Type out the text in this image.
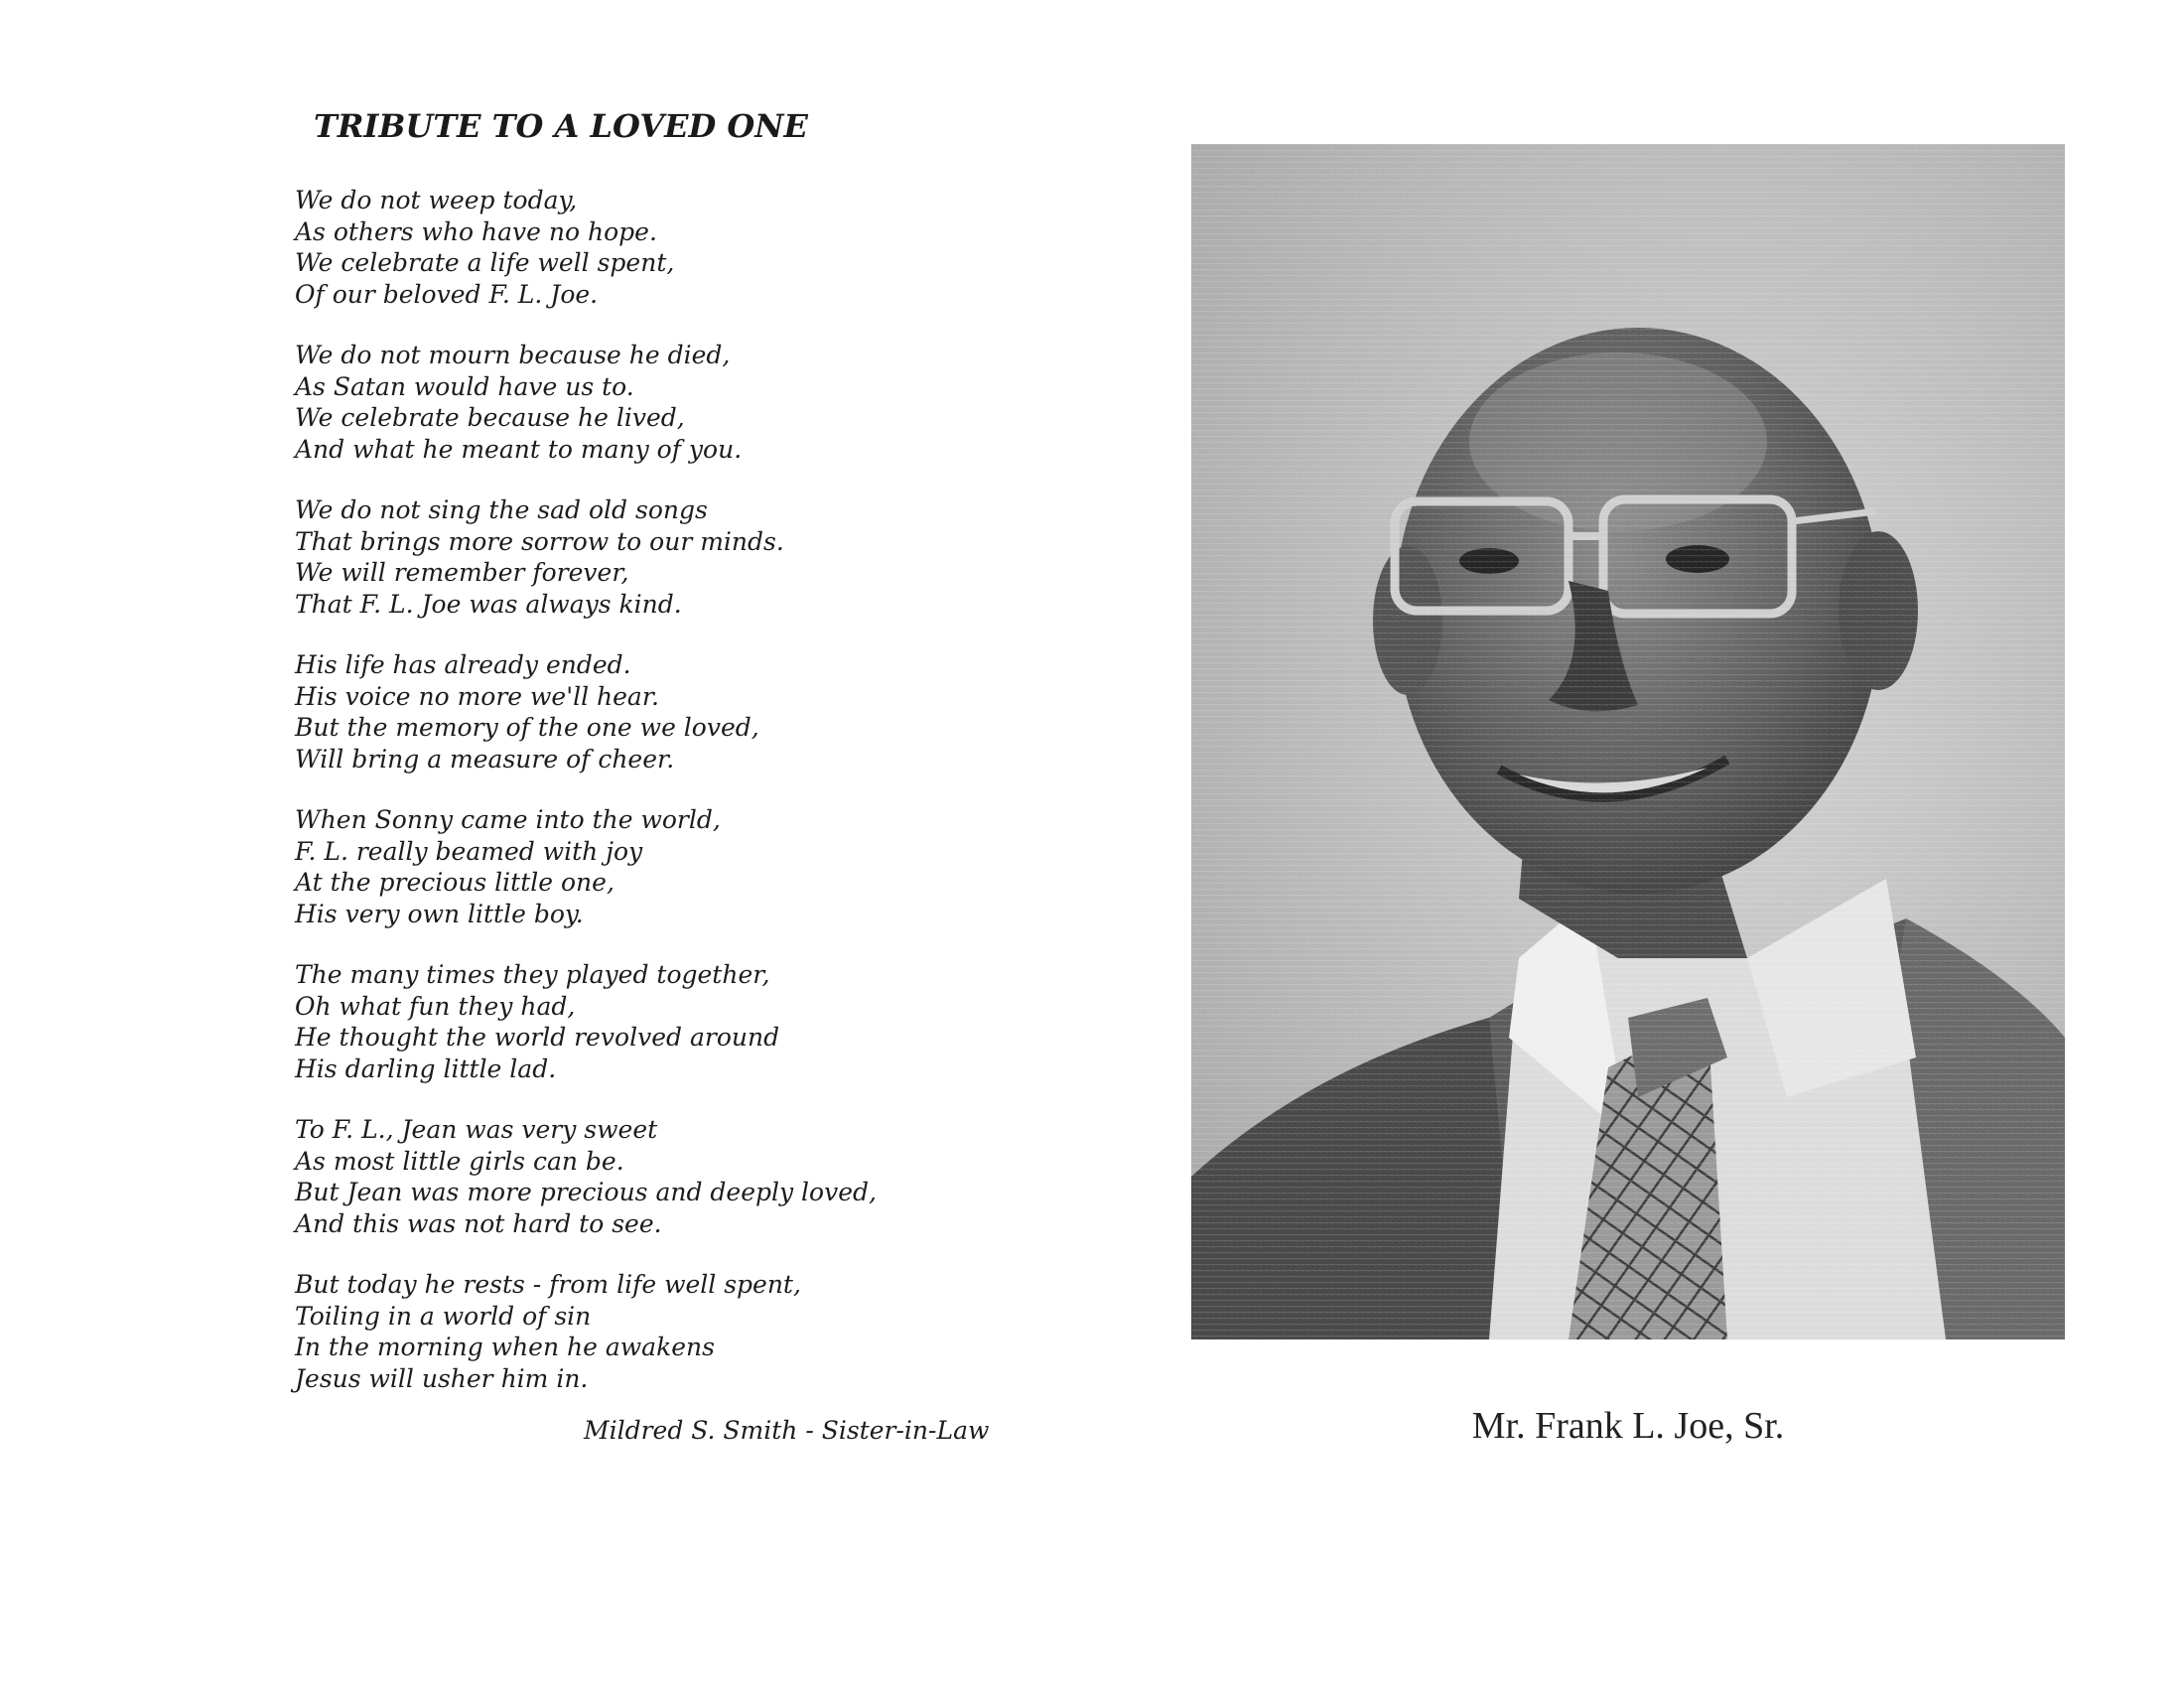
TRIBUTE TO A LOVED ONE
We do not weep today,
As others who have no hope.
We celebrate a life well spent,
Of our beloved F. L. Joe.
We do not mourn because he died,
As Satan would have us to.
We celebrate because he lived,
And what he meant to many of you.
We do not sing the sad old songs
That brings more sorrow to our minds.
We will remember forever,
That F. L. Joe was always kind.
His life has already ended.
His voice no more we'll hear.
But the memory of the one we loved,
Will bring a measure of cheer.
When Sonny came into the world,
F. L. really beamed with joy
At the precious little one,
His very own little boy.
The many times they played together,
Oh what fun they had,
He thought the world revolved around
His darling little lad.
To F. L., Jean was very sweet
As most little girls can be.
But Jean was more precious and deeply loved,
And this was not hard to see.
But today he rests - from life well spent,
Toiling in a world of sin
In the morning when he awakens
Jesus will usher him in.
Mildred S. Smith - Sister-in-Law	Mr. Frank L. Joe, Sr.
